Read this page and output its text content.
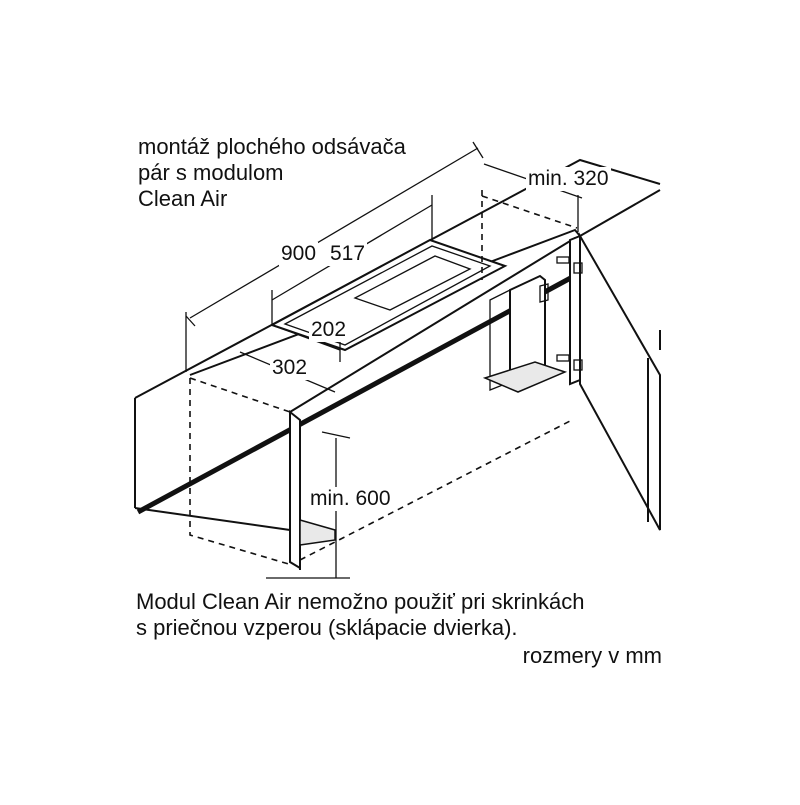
montáž plochého odsávača
pár s modulom
Clean Air
900 517
202
302
min. 320
min. 600
Modul Clean Air nemožno použiť pri skrinkách
s priečnou vzperou (sklápacie dvierka).
rozmery v mm
